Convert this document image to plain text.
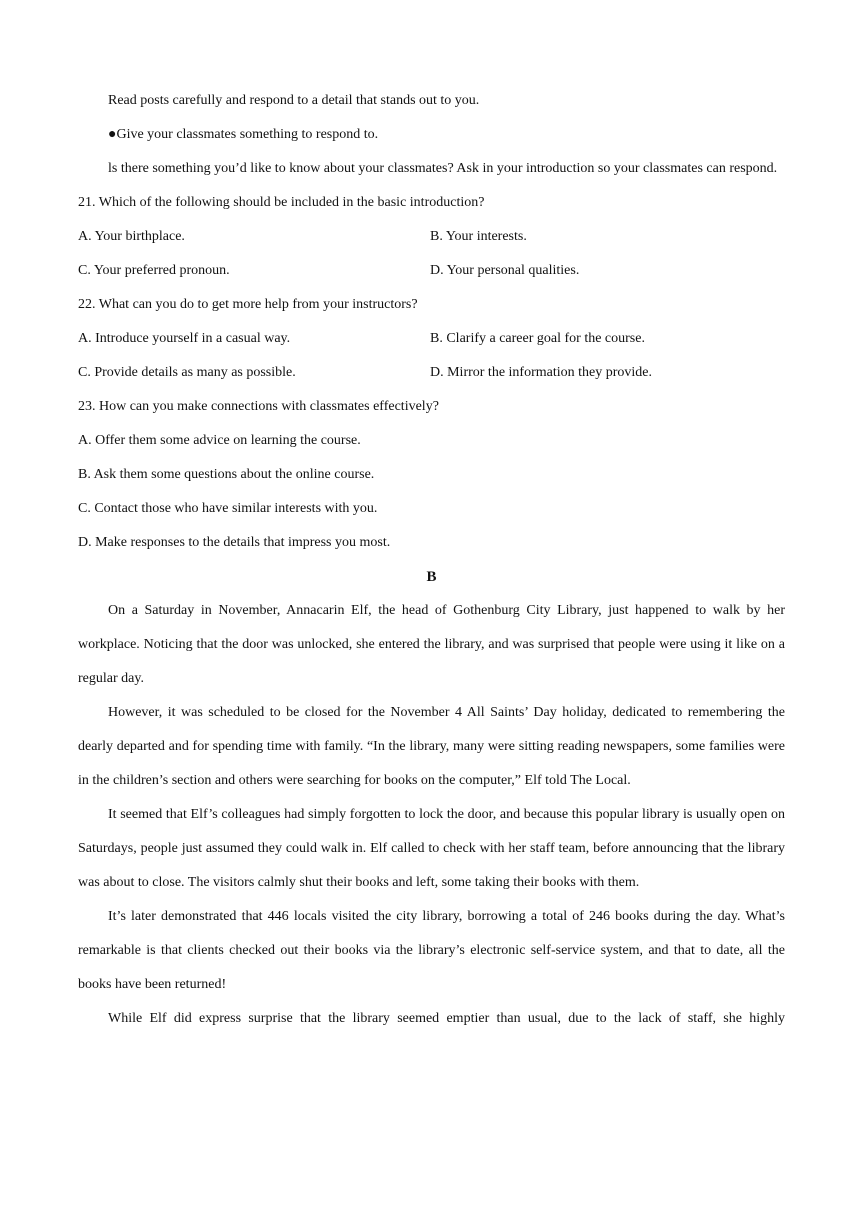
Read posts carefully and respond to a detail that stands out to you.
●Give your classmates something to respond to.

ls there something you’d like to know about your classmates? Ask in your introduction so your classmates can respond.

21. Which of the following should be included in the basic introduction?
A. Your birthplace.	B. Your interests.
C. Your preferred pronoun.	D. Your personal qualities.
22. What can you do to get more help from your instructors?
A. Introduce yourself in a casual way.	B. Clarify a career goal for the course.
C. Provide details as many as possible.	D. Mirror the information they provide.
23. How can you make connections with classmates effectively?
A. Offer them some advice on learning the course.
B. Ask them some questions about the online course.
C. Contact those who have similar interests with you.
D. Make responses to the details that impress you most.
B

On a Saturday in November, Annacarin Elf, the head of Gothenburg City Library, just happened to walk by her workplace. Noticing that the door was unlocked, she entered the library, and was surprised that people were using it like on a regular day.

However, it was scheduled to be closed for the November 4 All Saints’ Day holiday, dedicated to remembering the dearly departed and for spending time with family. “In the library, many were sitting reading newspapers, some families were in the children’s section and others were searching for books on the computer,” Elf told The Local.

It seemed that Elf’s colleagues had simply forgotten to lock the door, and because this popular library is usually open on Saturdays, people just assumed they could walk in. Elf called to check with her staff team, before announcing that the library was about to close. The visitors calmly shut their books and left, some taking their books with them.

It’s later demonstrated that 446 locals visited the city library, borrowing a total of 246 books during the day. What’s remarkable is that clients checked out their books via the library’s electronic self-service system, and that to date, all the books have been returned!

While Elf did express surprise that the library seemed emptier than usual, due to the lack of staff, she highly
